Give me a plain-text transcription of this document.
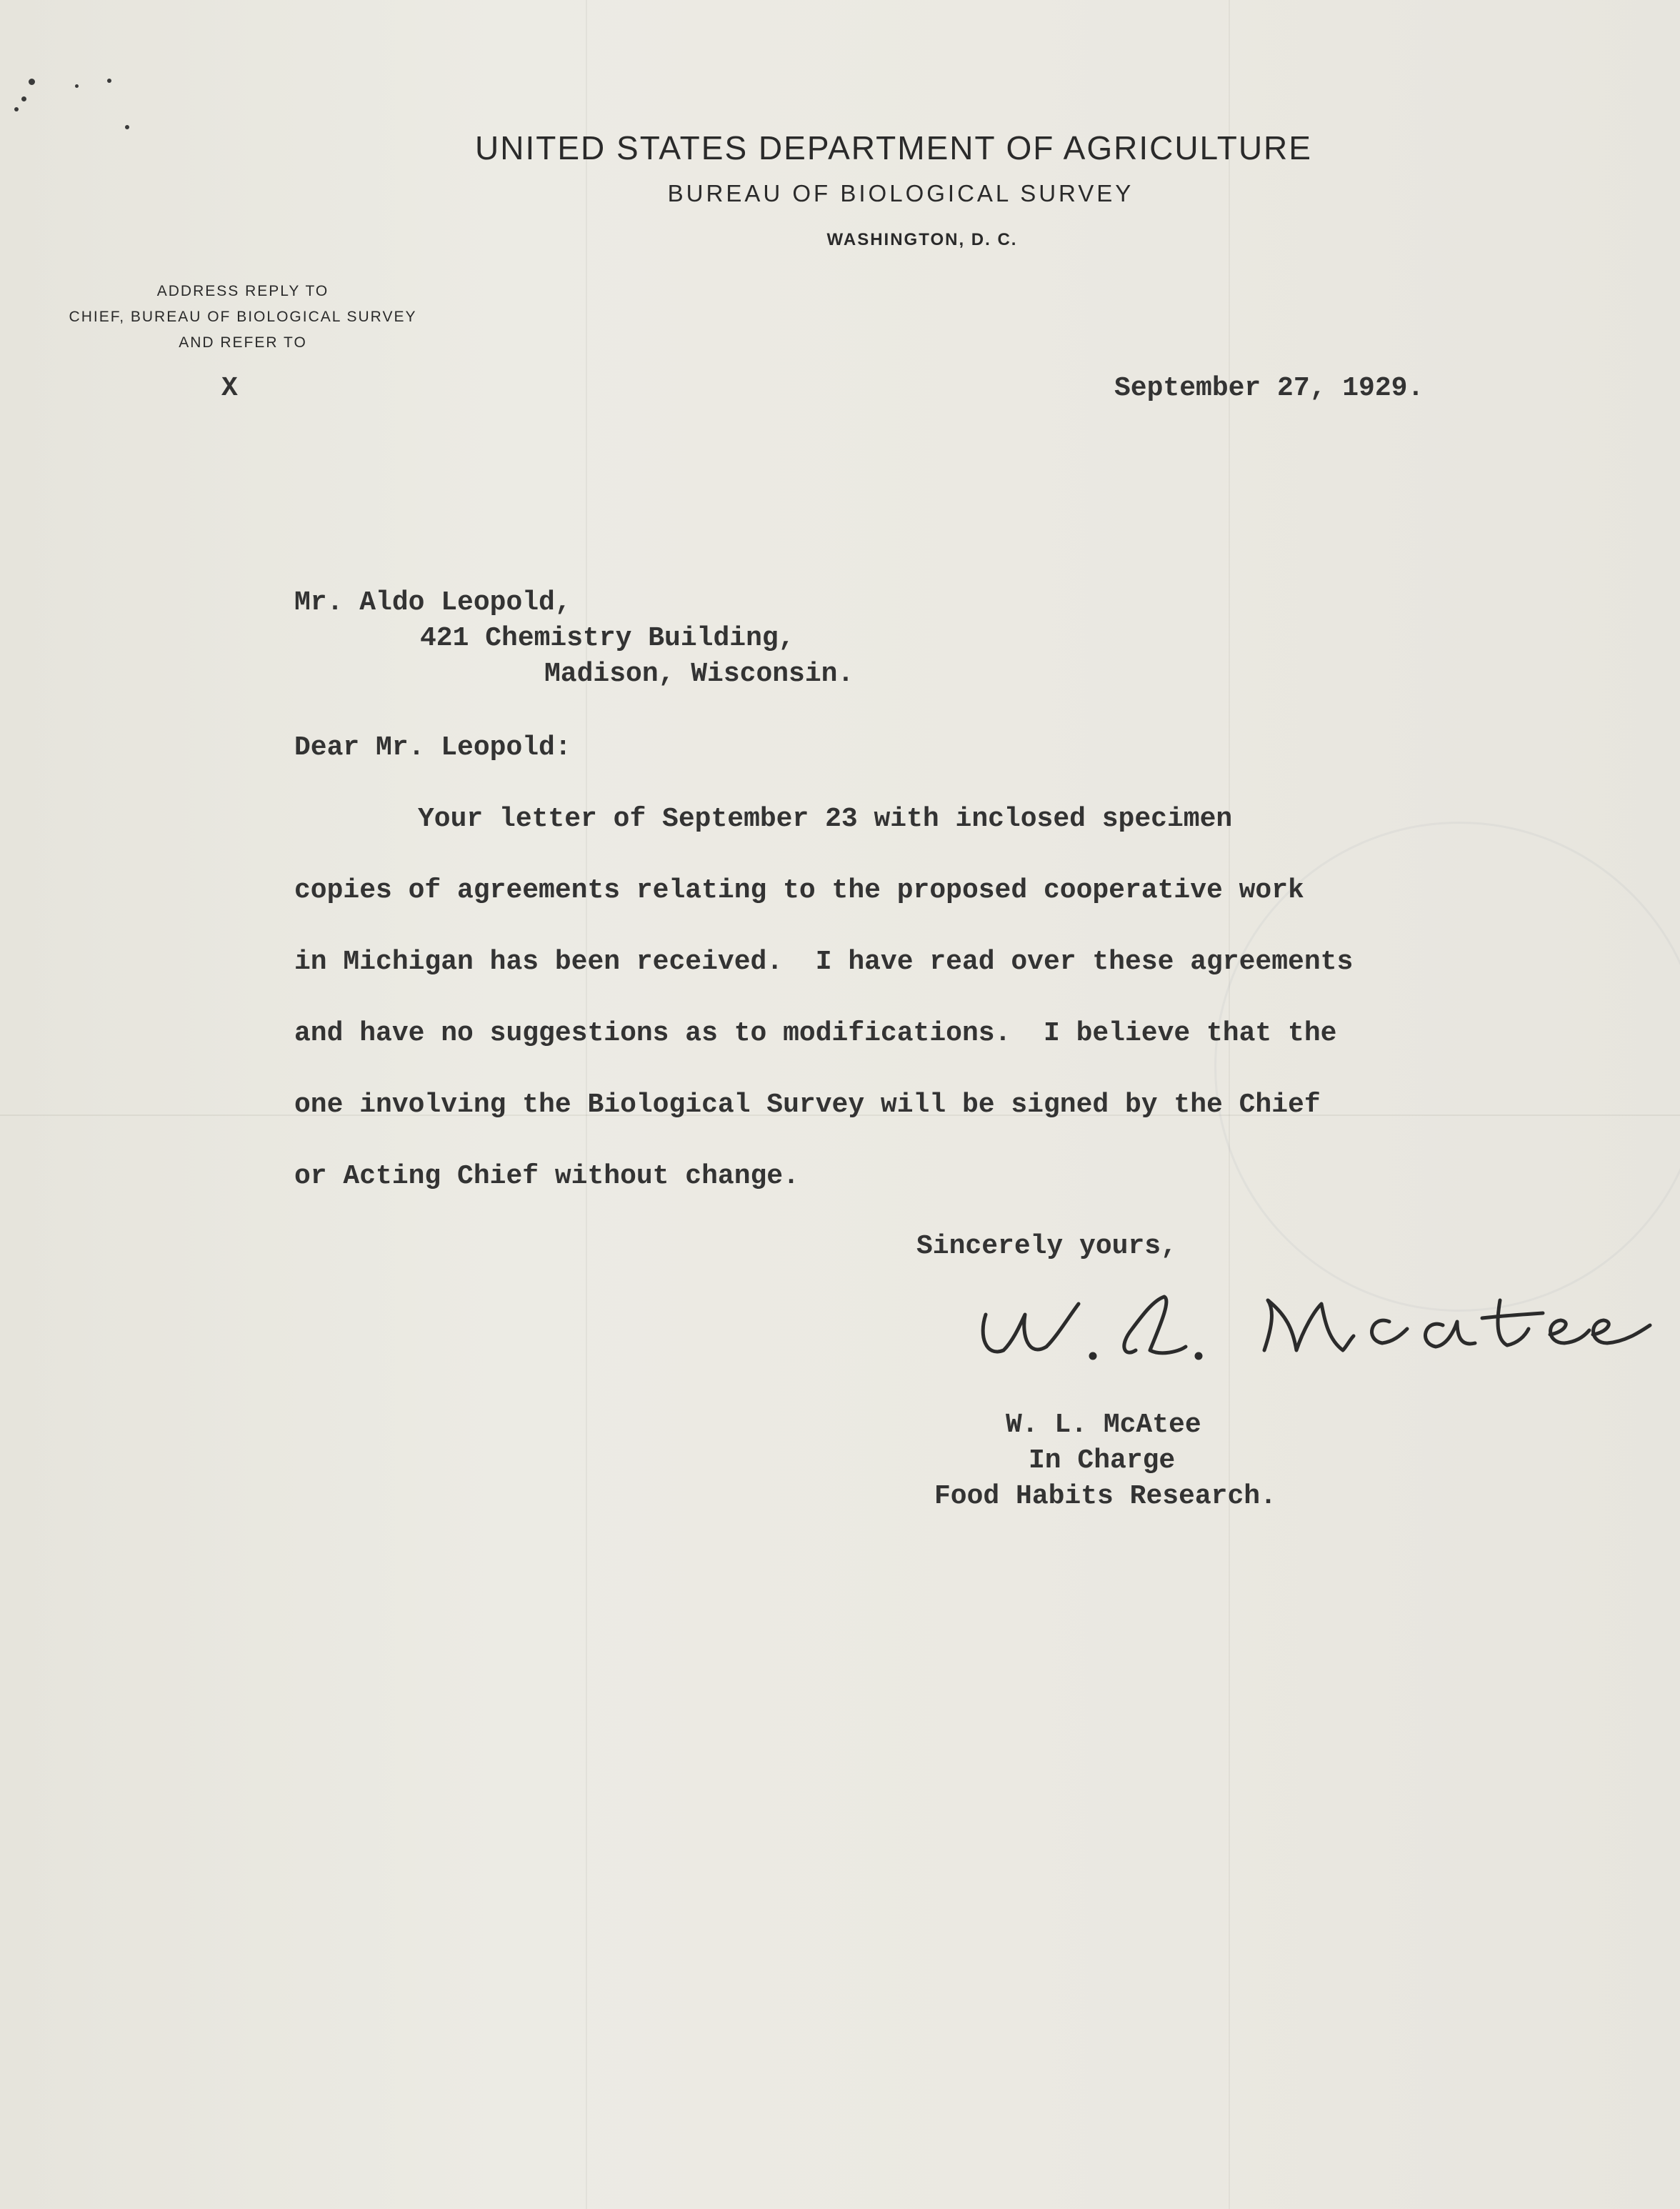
UNITED STATES DEPARTMENT OF AGRICULTURE
BUREAU OF BIOLOGICAL SURVEY
WASHINGTON, D. C.
ADDRESS REPLY TO
CHIEF, BUREAU OF BIOLOGICAL SURVEY
AND REFER TO
X	September 27, 1929.
Mr. Aldo Leopold,
421 Chemistry Building,
Madison, Wisconsin.
Dear Mr. Leopold:
Your letter of September 23 with inclosed specimen
copies of agreements relating to the proposed cooperative work
in Michigan has been received.  I have read over these agreements
and have no suggestions as to modifications.  I believe that the
one involving the Biological Survey will be signed by the Chief
or Acting Chief without change.
Sincerely yours,
W. L. McAtee
In Charge
Food Habits Research.
